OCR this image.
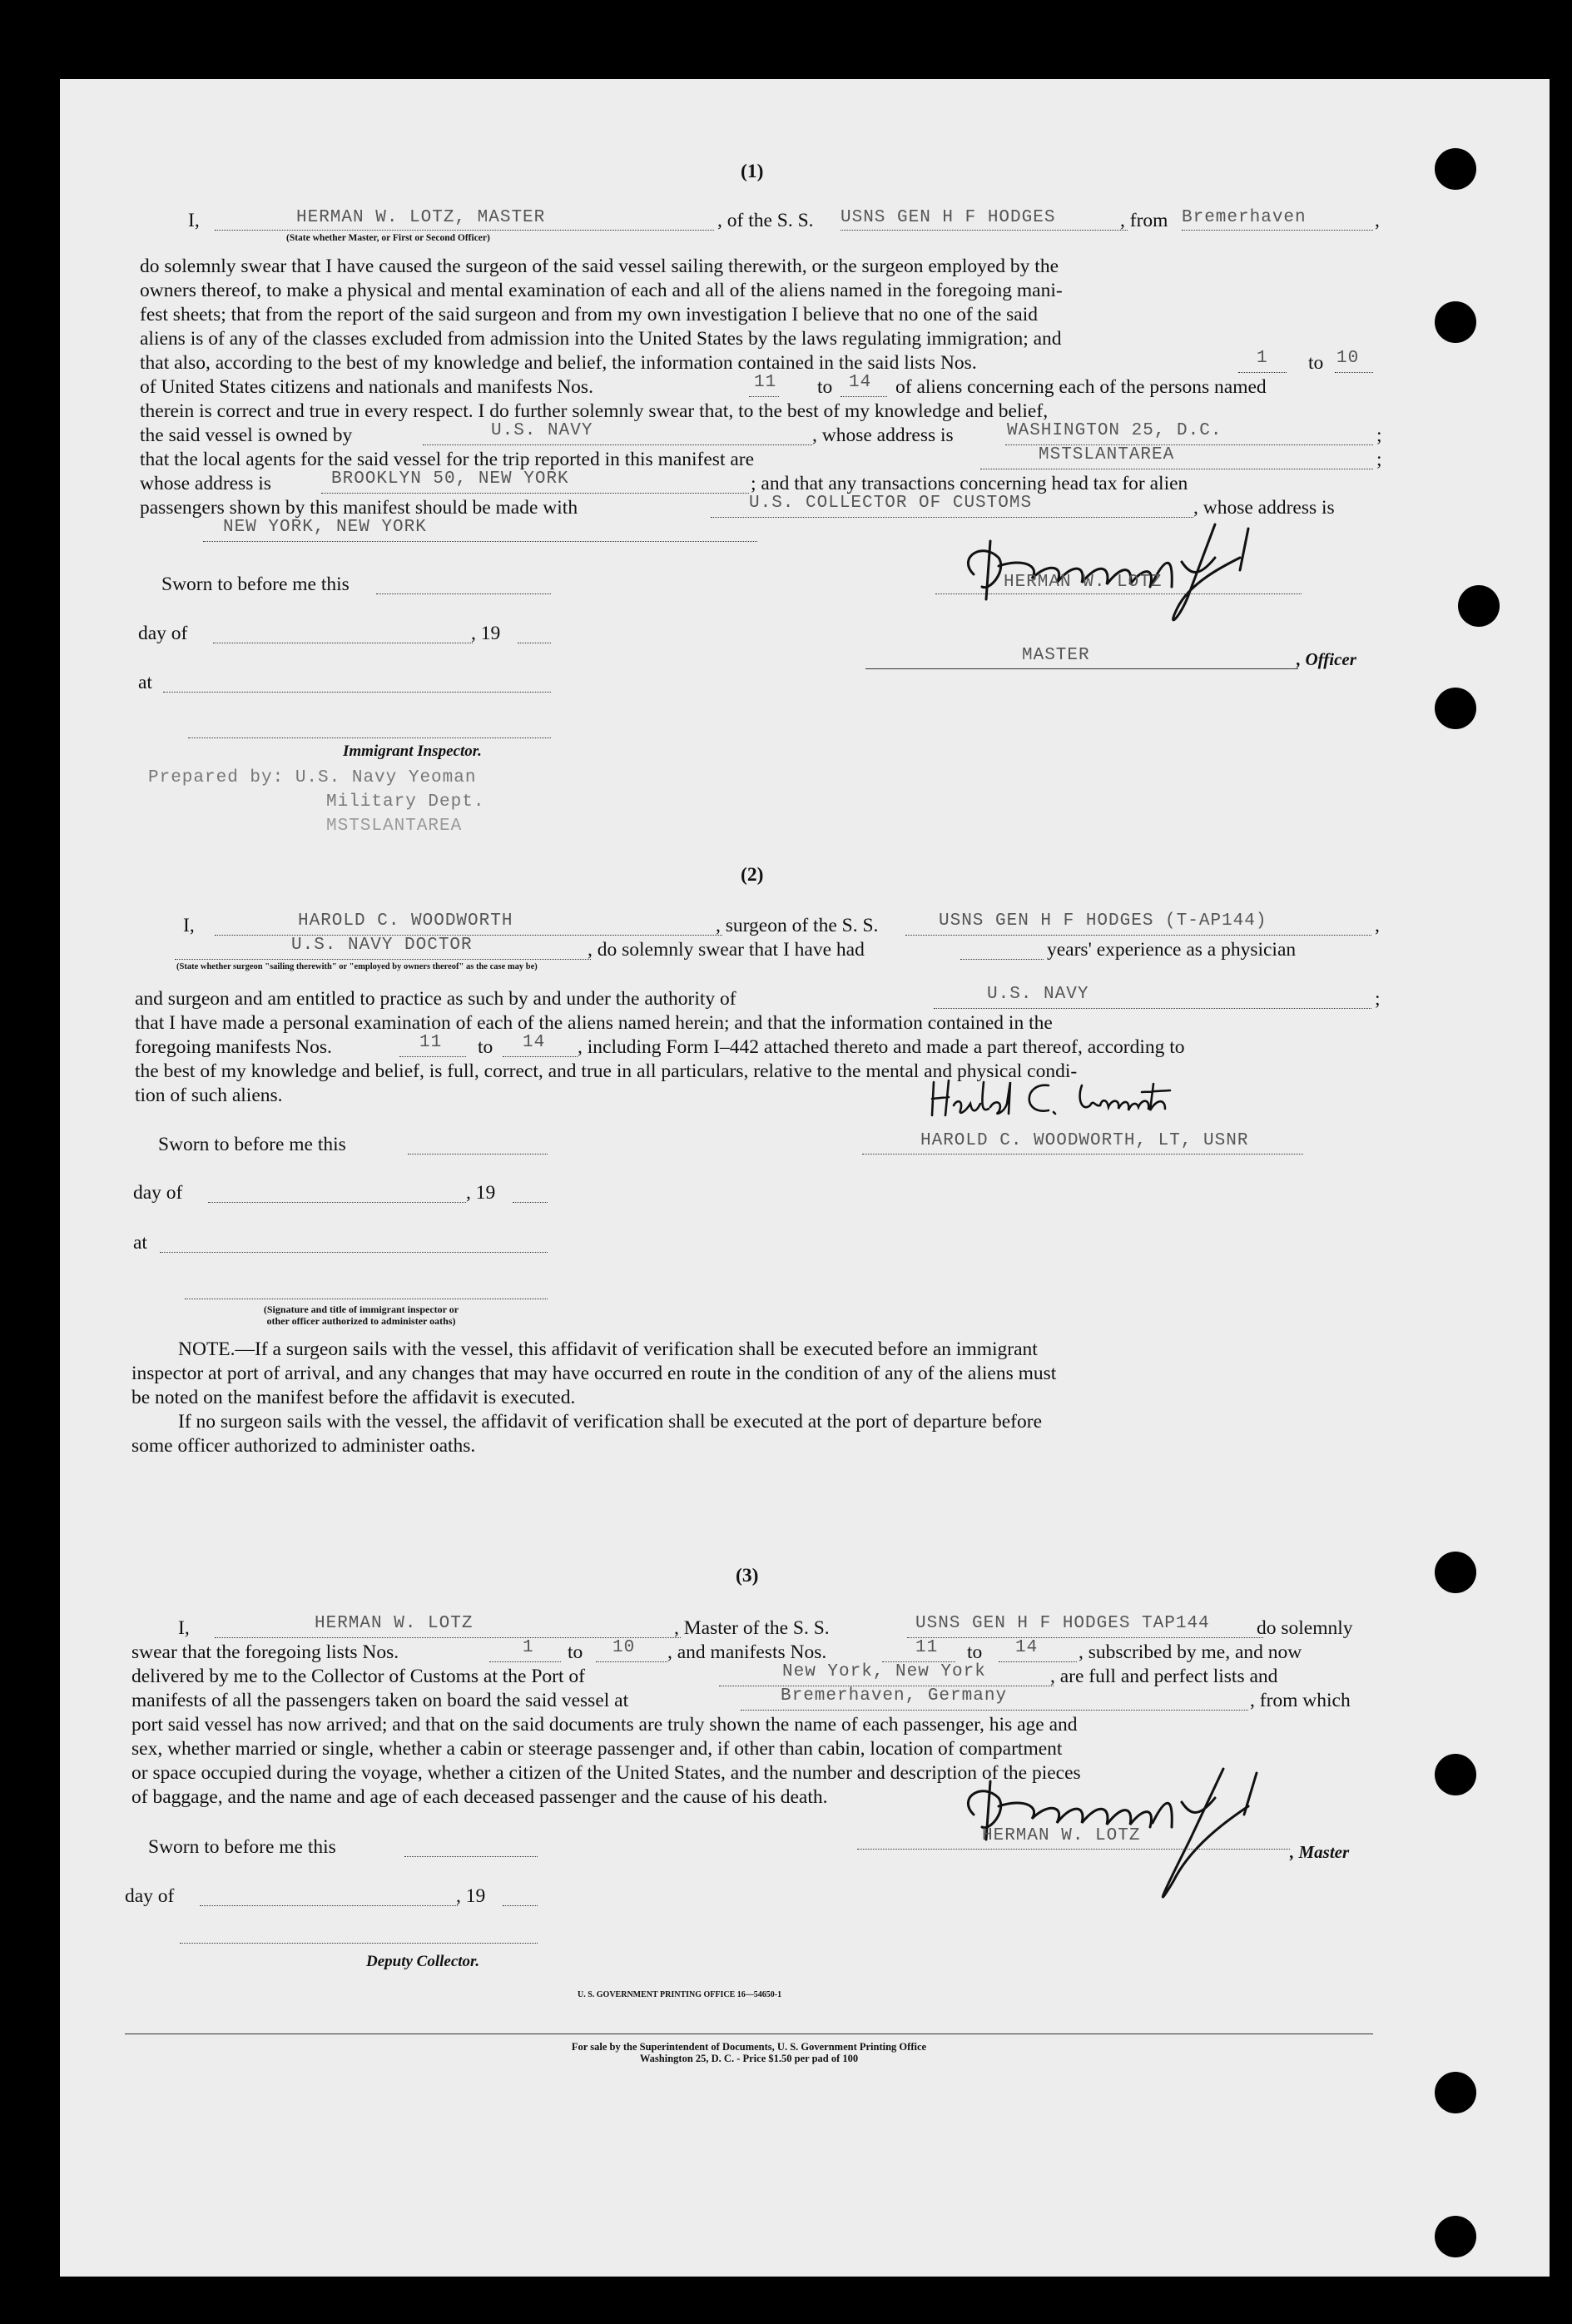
(1)
I,	HERMAN W. LOTZ, MASTER	, of the S. S. USNS GEN H F HODGES	, from Bremerhaven	,
(State whether Master, or First or Second Officer)
do solemnly swear that I have caused the surgeon of the said vessel sailing therewith, or the surgeon employed by the
owners thereof, to make a physical and mental examination of each and all of the aliens named in the foregoing mani-
fest sheets; that from the report of the said surgeon and from my own investigation I believe that no one of the said
aliens is of any of the classes excluded from admission into the United States by the laws regulating immigration; and
that also, according to the best of my knowledge and belief, the information contained in the said lists Nos.	1 to 10
of United States citizens and nationals and manifests Nos.	11 to 14 of aliens concerning each of the persons named
therein is correct and true in every respect. I do further solemnly swear that, to the best of my knowledge and belief,
the said vessel is owned by	U.S. NAVY	, whose address is	WASHINGTON 25, D.C.	;
that the local agents for the said vessel for the trip reported in this manifest are	MSTSLANTAREA	;
whose address is	BROOKLYN 50, NEW YORK	; and that any transactions concerning head tax for alien
passengers shown by this manifest should be made with	U.S. COLLECTOR OF CUSTOMS	, whose address is
NEW YORK, NEW YORK
Sworn to before me this
day of	, 19
at
Immigrant Inspector.
HERMAN W. LOTZ
MASTER	, Officer
Prepared by: U.S. Navy Yeoman
Military Dept.
MSTSLANTAREA
(2)
I,	HAROLD C. WOODWORTH	, surgeon of the S. S.	USNS GEN H F HODGES (T-AP144)	,
U.S. NAVY DOCTOR	, do solemnly swear that I have had	years' experience as a physician
(State whether surgeon "sailing therewith" or "employed by owners thereof" as the case may be)
and surgeon and am entitled to practice as such by and under the authority of	U.S. NAVY	;
that I have made a personal examination of each of the aliens named herein; and that the information contained in the
foregoing manifests Nos.	11 to 14 , including Form I–442 attached thereto and made a part thereof, according to
the best of my knowledge and belief, is full, correct, and true in all particulars, relative to the mental and physical condi-
tion of such aliens.
HAROLD C. WOODWORTH, LT, USNR
Sworn to before me this
day of	, 19
at
(Signature and title of immigrant inspector or
other officer authorized to administer oaths)
NOTE.—If a surgeon sails with the vessel, this affidavit of verification shall be executed before an immigrant
inspector at port of arrival, and any changes that may have occurred en route in the condition of any of the aliens must
be noted on the manifest before the affidavit is executed.
If no surgeon sails with the vessel, the affidavit of verification shall be executed at the port of departure before
some officer authorized to administer oaths.
(3)
I,	HERMAN W. LOTZ	, Master of the S. S.	USNS GEN H F HODGES TAP144 do solemnly
swear that the foregoing lists Nos.	1 to 10 , and manifests Nos.	11 to 14 , subscribed by me, and now
delivered by me to the Collector of Customs at the Port of	New York, New York	, are full and perfect lists and
manifests of all the passengers taken on board the said vessel at	Bremerhaven, Germany	, from which
port said vessel has now arrived; and that on the said documents are truly shown the name of each passenger, his age and
sex, whether married or single, whether a cabin or steerage passenger and, if other than cabin, location of compartment
or space occupied during the voyage, whether a citizen of the United States, and the number and description of the pieces
of baggage, and the name and age of each deceased passenger and the cause of his death.
HERMAN W. LOTZ
, Master
Sworn to before me this
day of	, 19
Deputy Collector.
U. S. GOVERNMENT PRINTING OFFICE 16—54650-1
For sale by the Superintendent of Documents, U. S. Government Printing Office
Washington 25, D. C. - Price $1.50 per pad of 100
